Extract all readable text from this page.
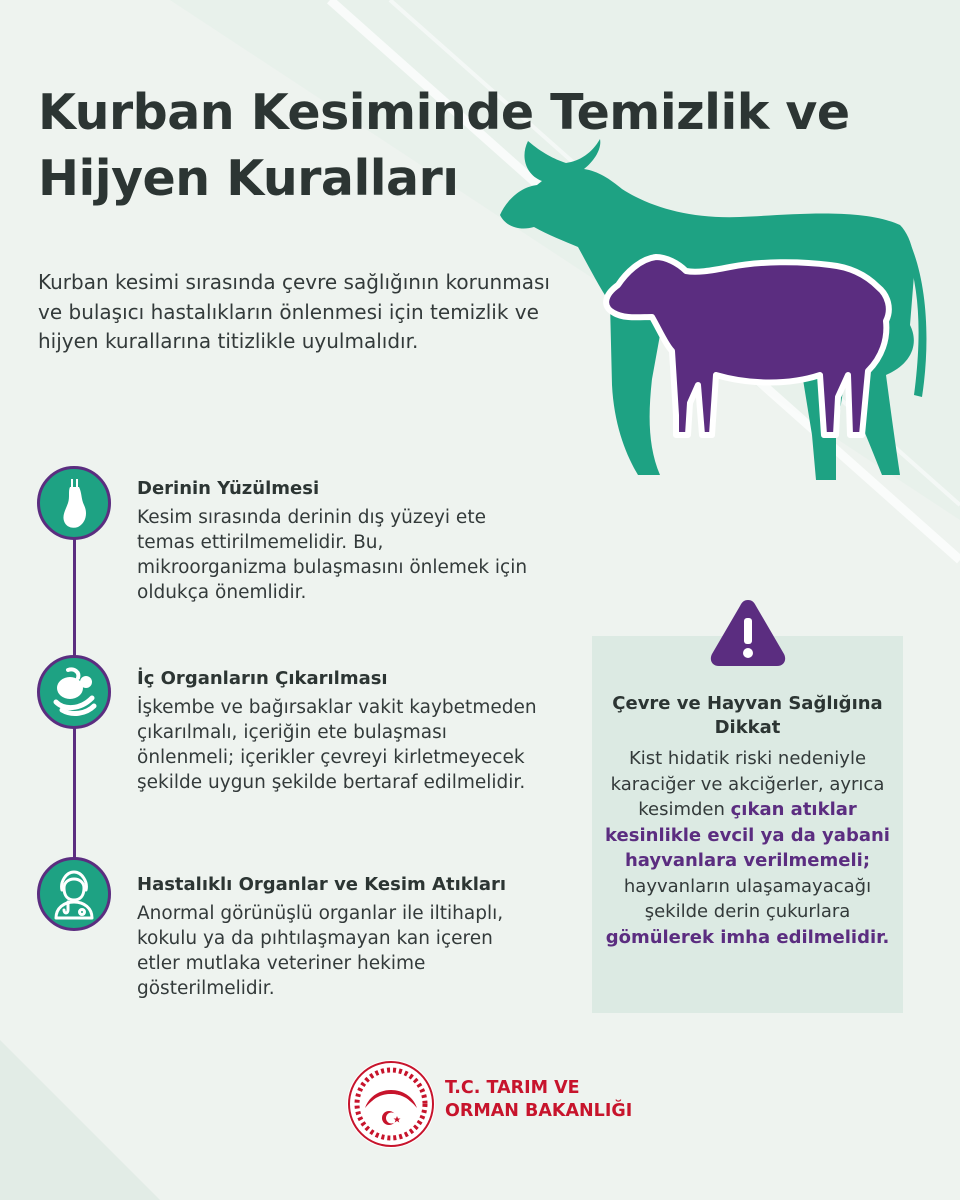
Kurban Kesiminde Temizlik ve Hijyen Kuralları

Kurban kesimi sırasında çevre sağlığının korunması ve bulaşıcı hastalıkların önlenmesi için temizlik ve hijyen kurallarına titizlikle uyulmalıdır.

Derinin Yüzülmesi
Kesim sırasında derinin dış yüzeyi ete temas ettirilmemelidir. Bu, mikroorganizma bulaşmasını önlemek için oldukça önemlidir.
İç Organların Çıkarılması
İşkembe ve bağırsaklar vakit kaybetmeden çıkarılmalı, içeriğin ete bulaşması önlenmeli; içerikler çevreyi kirletmeyecek şekilde uygun şekilde bertaraf edilmelidir.
Hastalıklı Organlar ve Kesim Atıkları
Anormal görünüşlü organlar ile iltihaplı, kokulu ya da pıhtılaşmayan kan içeren etler mutlaka veteriner hekime gösterilmelidir.
Çevre ve Hayvan Sağlığına Dikkat
Kist hidatik riski nedeniyle karaciğer ve akciğerler, ayrıca kesimden çıkan atıklar kesinlikle evcil ya da yabani hayvanlara verilmemeli; hayvanların ulaşamayacağı şekilde derin çukurlara gömülerek imha edilmelidir.
T.C. TARIM VE
ORMAN BAKANLIĞI
